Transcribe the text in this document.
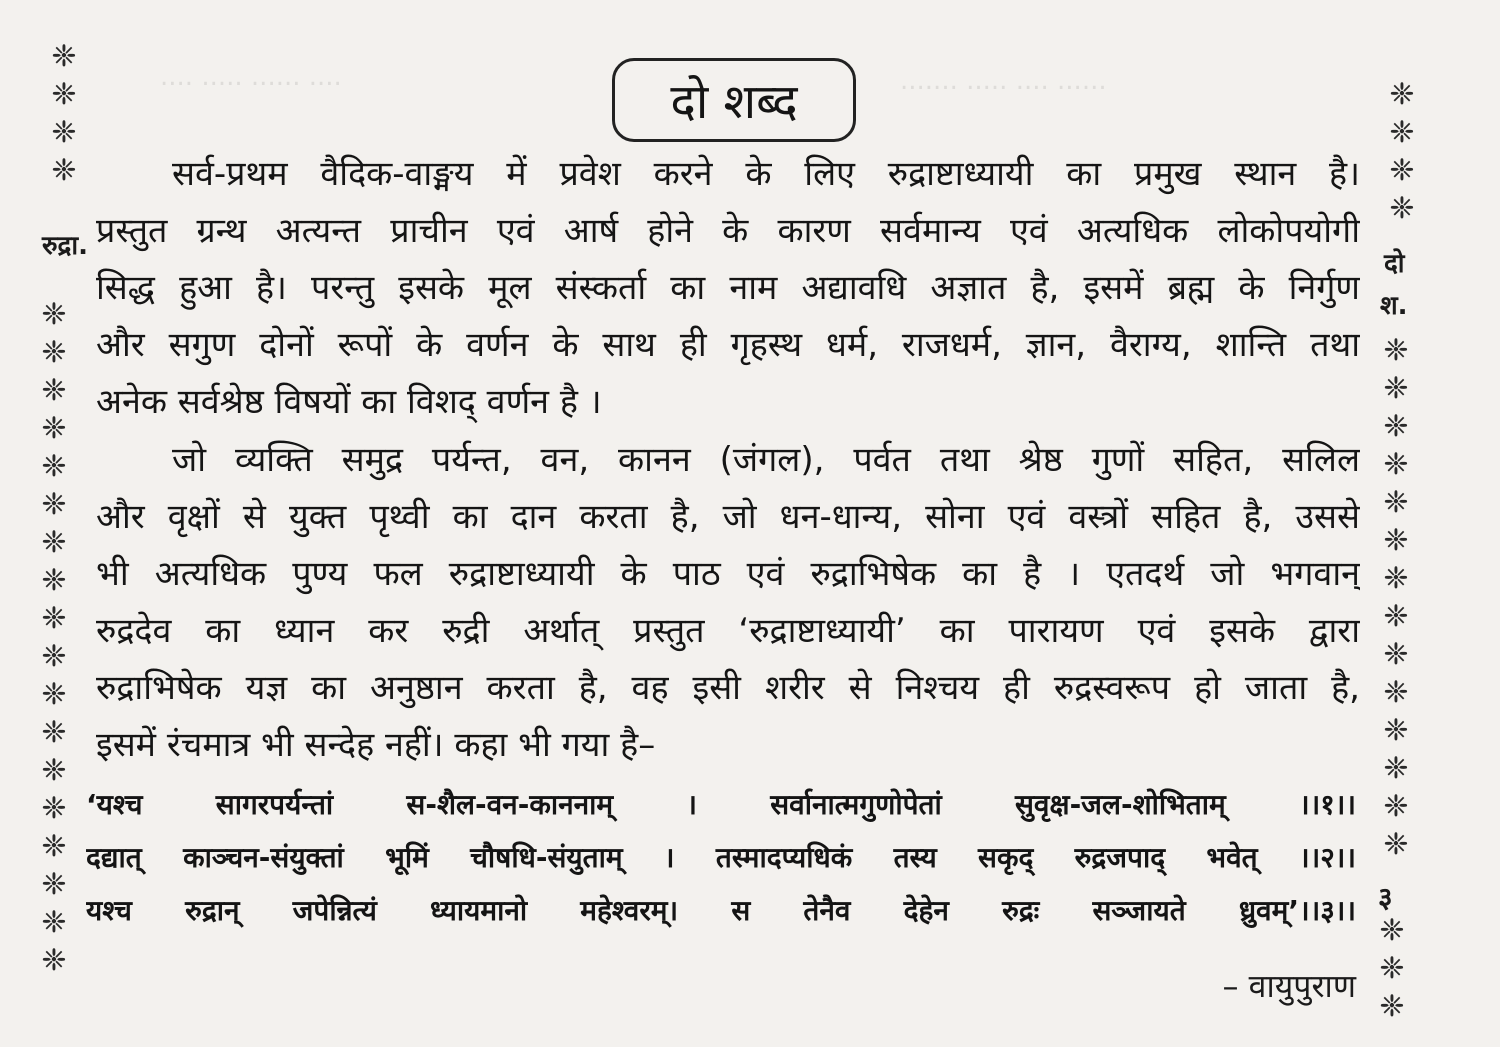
.... ..... ...... ....	....... ..... .... ......
❈
❈
❈
❈
❈
❈
❈
❈
❈
❈
❈
❈
❈
❈
❈
❈
❈
❈
❈
❈
❈
❈
❈
❈
❈
❈
❈
❈
❈
❈
❈
❈
❈
❈
❈
❈
❈
❈
❈
❈
❈
❈
❈
रुद्रा.
दो
श.
३
दो शब्द
सर्व-प्रथम वैदिक-वाङ्मय में प्रवेश करने के लिए रुद्राष्टाध्यायी का प्रमुख स्थान है।
प्रस्तुत ग्रन्थ अत्यन्त प्राचीन एवं आर्ष होने के कारण सर्वमान्य एवं अत्यधिक लोकोपयोगी
सिद्ध हुआ है। परन्तु इसके मूल संस्कर्ता का नाम अद्यावधि अज्ञात है, इसमें ब्रह्म के निर्गुण
और सगुण दोनों रूपों के वर्णन के साथ ही गृहस्थ धर्म, राजधर्म, ज्ञान, वैराग्य, शान्ति तथा
अनेक सर्वश्रेष्ठ विषयों का विशद् वर्णन है ।
जो व्यक्ति समुद्र पर्यन्त, वन, कानन (जंगल), पर्वत तथा श्रेष्ठ गुणों सहित, सलिल
और वृक्षों से युक्त पृथ्वी का दान करता है, जो धन-धान्य, सोना एवं वस्त्रों सहित है, उससे
भी अत्यधिक पुण्य फल रुद्राष्टाध्यायी के पाठ एवं रुद्राभिषेक का है । एतदर्थ जो भगवान्
रुद्रदेव का ध्यान कर रुद्री अर्थात् प्रस्तुत ‘रुद्राष्टाध्यायी’ का पारायण एवं इसके द्वारा
रुद्राभिषेक यज्ञ का अनुष्ठान करता है, वह इसी शरीर से निश्चय ही रुद्रस्वरूप हो जाता है,
इसमें रंचमात्र भी सन्देह नहीं। कहा भी गया है–
‘यश्च सागरपर्यन्तां स-शैल-वन-काननाम् । सर्वानात्मगुणोपेतां सुवृक्ष-जल-शोभिताम् ।।१।।
दद्यात् काञ्चन-संयुक्तां भूमिं चौषधि-संयुताम् । तस्मादप्यधिकं तस्य सकृद् रुद्रजपाद् भवेत् ।।२।।
यश्च रुद्रान् जपेन्नित्यं ध्यायमानो महेश्वरम्। स तेनैव देहेन रुद्रः सञ्जायते ध्रुवम्’।।३।।
– वायुपुराण
